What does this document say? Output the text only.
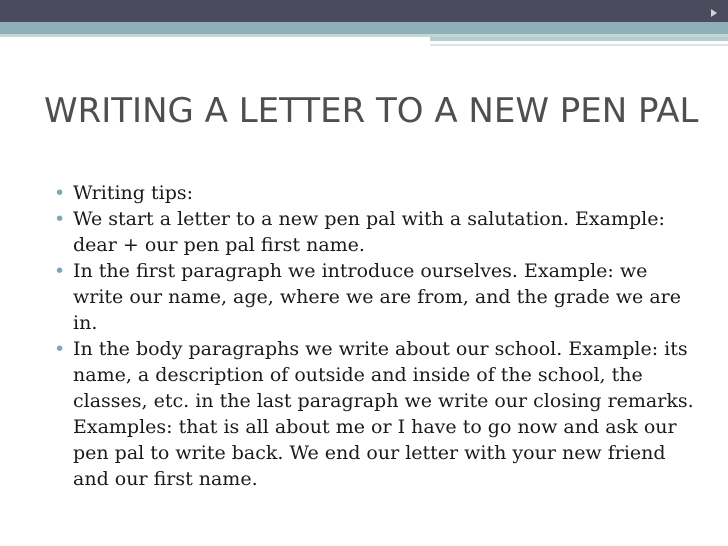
WRITING A LETTER TO A NEW PEN PAL
• Writing tips:
• We start a letter to a new pen pal with a salutation. Example: dear + our pen pal first name.
• In the first paragraph we introduce ourselves. Example: we write our name, age, where we are from, and the grade we are in.
• In the body paragraphs we write about our school. Example: its name, a description of outside and inside of the school, the classes, etc. in the last paragraph we write our closing remarks. Examples: that is all about me or I have to go now and ask our pen pal to write back. We end our letter with your new friend and our first name.
